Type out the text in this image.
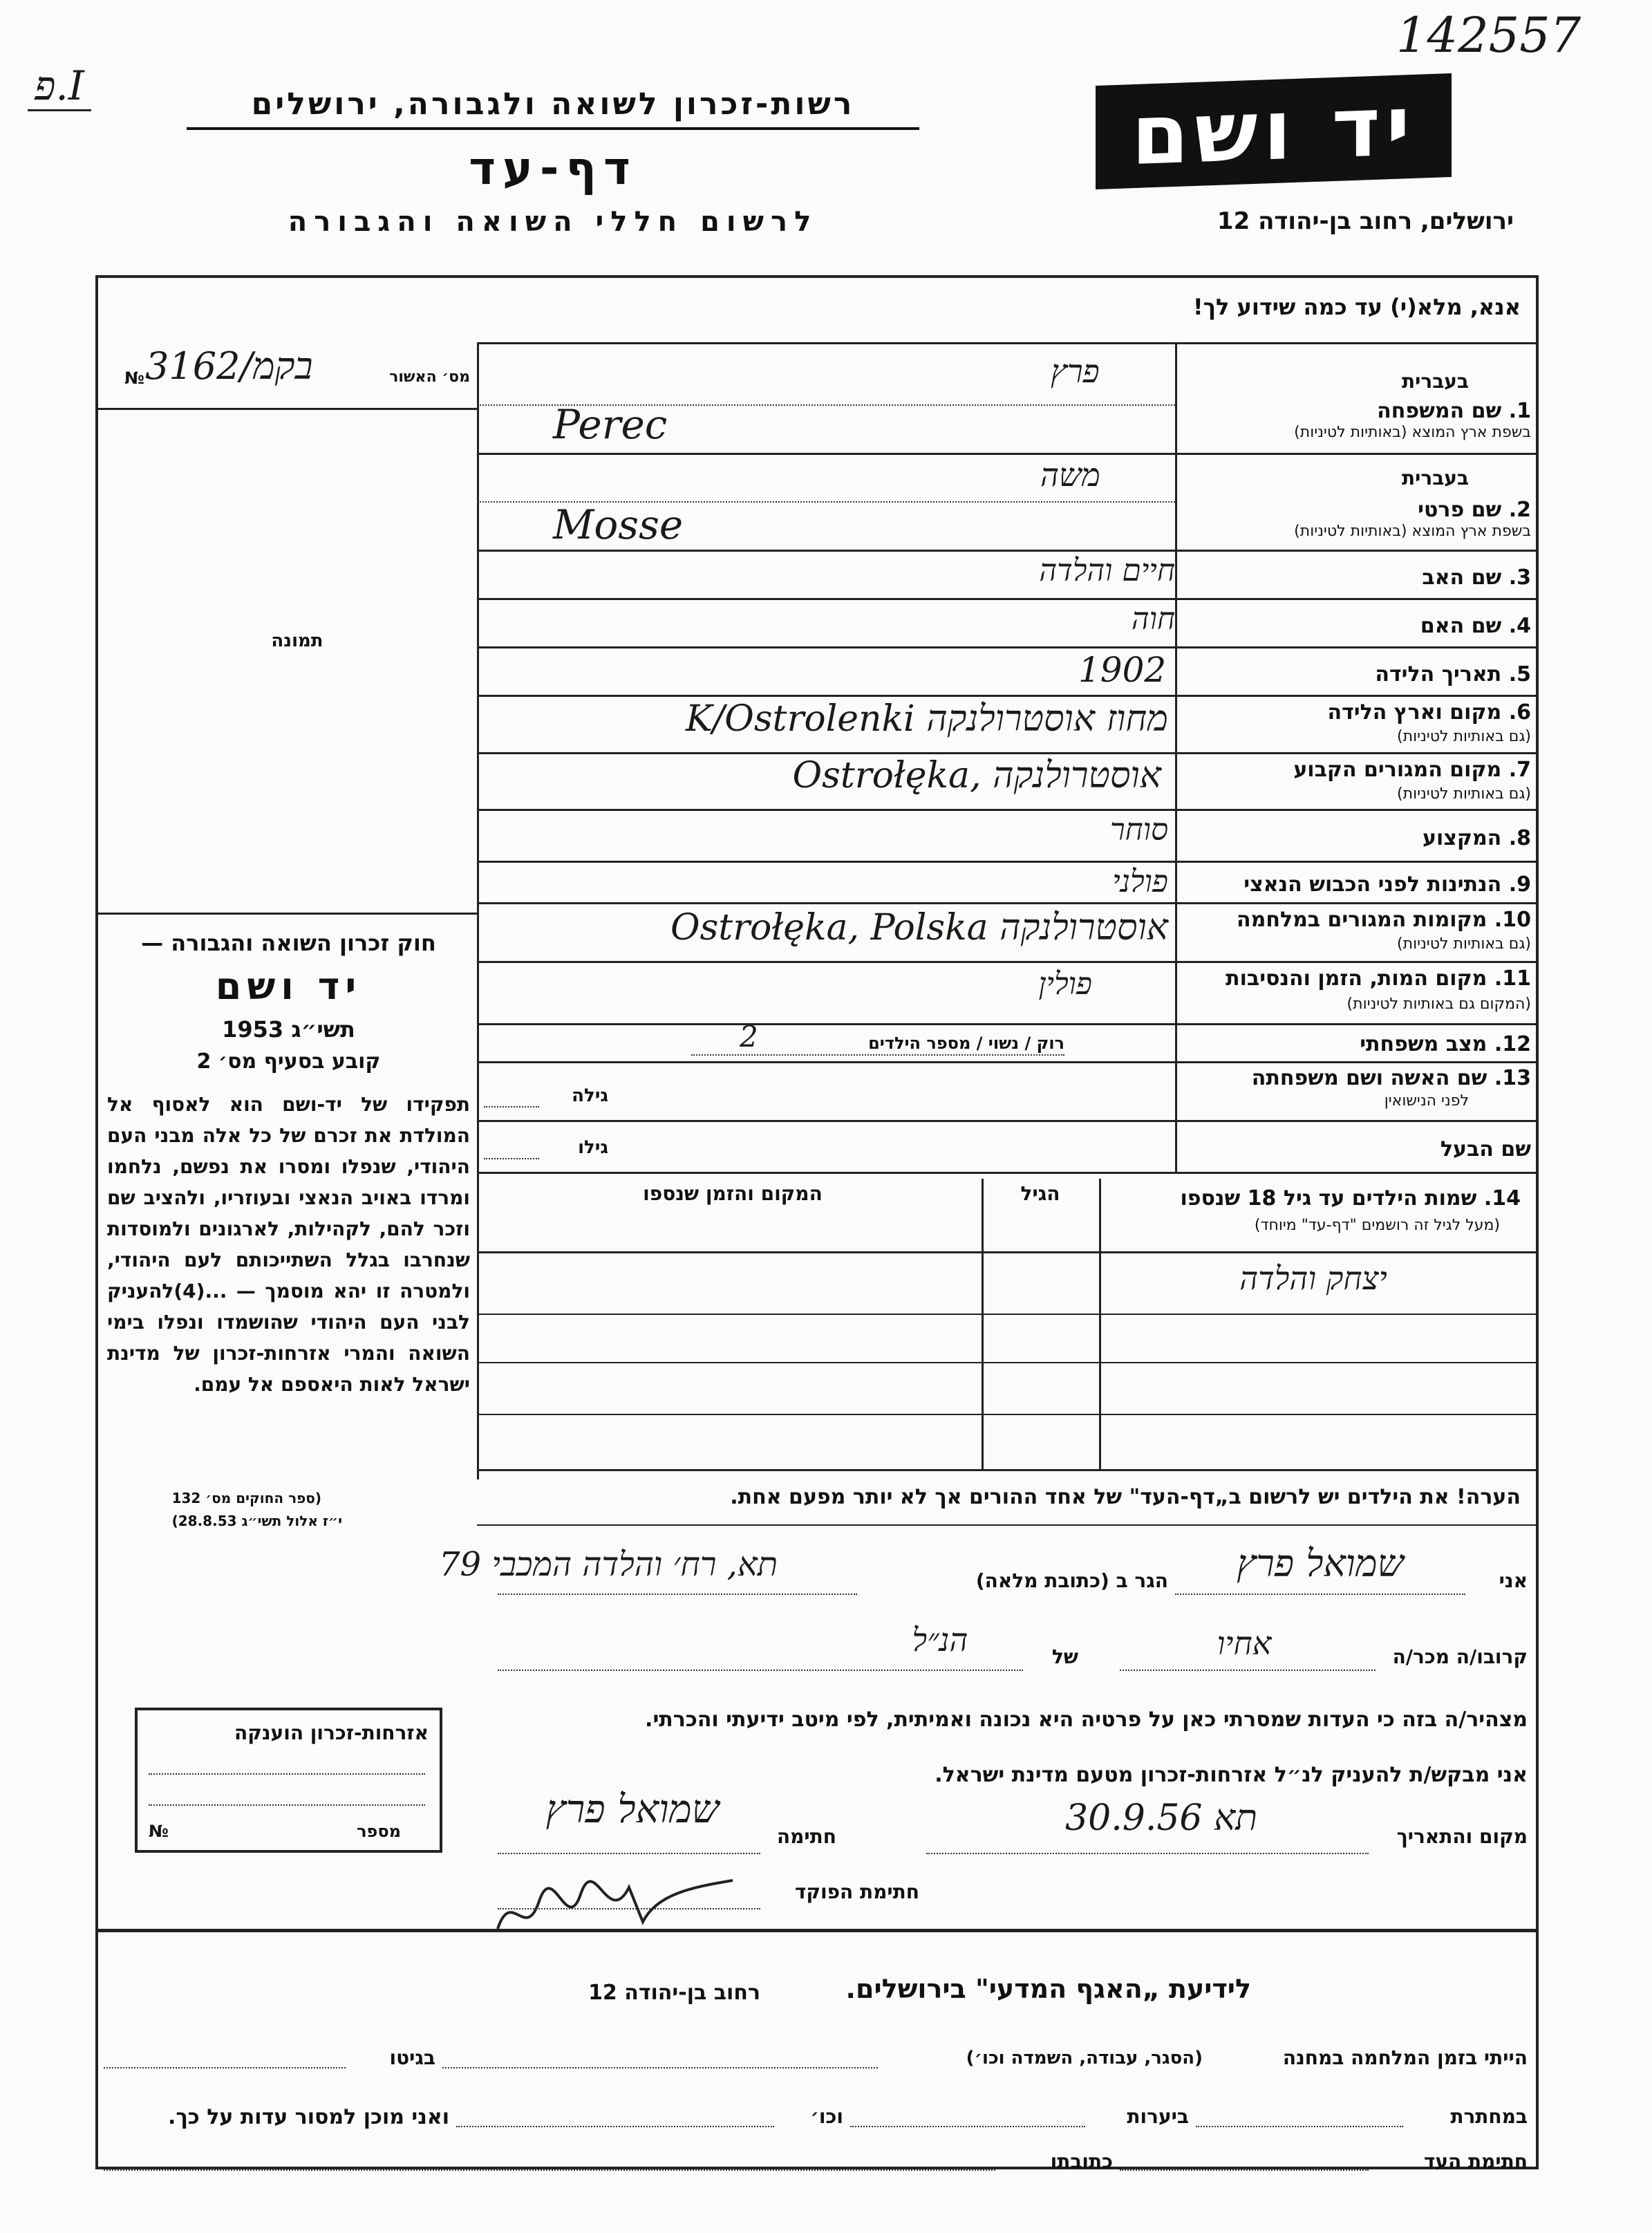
142557
פ.I	רשות-זכרון לשואה ולגבורה, ירושלים
דף-עד
לרשום חללי השואה והגבורה
יד ושם
ירושלים, רחוב בן-יהודה 12
אנא, מלא(י) עד כמה שידוע לך!
מס׳ האשור
3162/בקמ
№
תמונה
חוק זכרון השואה והגבורה —
יד ושם
תשי״ג 1953
קובע בסעיף מס׳ 2
תפקידו של יד-ושם הוא לאסוף אל המולדת את זכרם של כל אלה מבני העם היהודי, שנפלו ומסרו את נפשם, נלחמו ומרדו באויב הנאצי ובעוזריו, ולהציב שם וזכר להם, לקהילות, לארגונים ולמוסדות שנחרבו בגלל השתייכותם לעם היהודי, ולמטרה זו יהא מוסמך — ...(4)להעניק לבני העם היהודי שהושמדו ונפלו בימי השואה והמרי אזרחות-זכרון של מדינת ישראל לאות היאספם אל עמם.
(ספר החוקים מס׳ 132
י״ז אלול תשי״ג 28.8.53)
בעברית
1. שם המשפחה
בשפת ארץ המוצא (באותיות לטיניות)
פרץ
Perec
בעברית
2. שם פרטי
בשפת ארץ המוצא (באותיות לטיניות)
משה
Mosse
3. שם האב
חיים והלדה
4. שם האם
חוה
5. תאריך הלידה
1902
6. מקום וארץ הלידה
(גם באותיות לטיניות)
K/Ostrolenki מחוז אוסטרולנקה
7. מקום המגורים הקבוע
(גם באותיות לטיניות)
Ostrołęka, אוסטרולנקה
8. המקצוע
סוחר
9. הנתינות לפני הכבוש הנאצי
פולני
10. מקומות המגורים במלחמה
(גם באותיות לטיניות)
Ostrołęka, Polska אוסטרולנקה
11. מקום המות, הזמן והנסיבות
(המקום גם באותיות לטיניות)
פולין
12. מצב משפחתי
רוק / נשוי / מספר הילדים
2
13. שם האשה ושם משפחתה
לפני הנישואין
גילה
שם הבעל
גילו
14. שמות הילדים עד גיל 18 שנספו
(מעל לגיל זה רושמים "דף-עד" מיוחד)
הגיל
המקום והזמן שנספו
יצחק והלדה
הערה! את הילדים יש לרשום ב„דף-העד" של אחד ההורים אך לא יותר מפעם אחת.
אני
שמואל פרץ
הגר ב (כתובת מלאה)
תא, רח׳ והלדה המכבי 79
קרובו/ה מכר/ה
אחיו
של
הנ״ל
מצהיר/ה בזה כי העדות שמסרתי כאן על פרטיה היא נכונה ואמיתית, לפי מיטב ידיעתי והכרתי.
אני מבקש/ת להעניק לנ״ל אזרחות-זכרון מטעם מדינת ישראל.
מקום והתאריך
תא 30.9.56
חתימה
שמואל פרץ
חתימת הפוקד
אזרחות-זכרון הוענקה
מספר
№
רחוב בן-יהודה 12	לידיעת „האגף המדעי" בירושלים.
הייתי בזמן המלחמה במחנה
(הסגר, עבודה, השמדה וכו׳)
בגיטו
במחתרת
ביערות
וכו׳
ואני מוכן למסור עדות על כך.
חתימת העד
כתובתו
